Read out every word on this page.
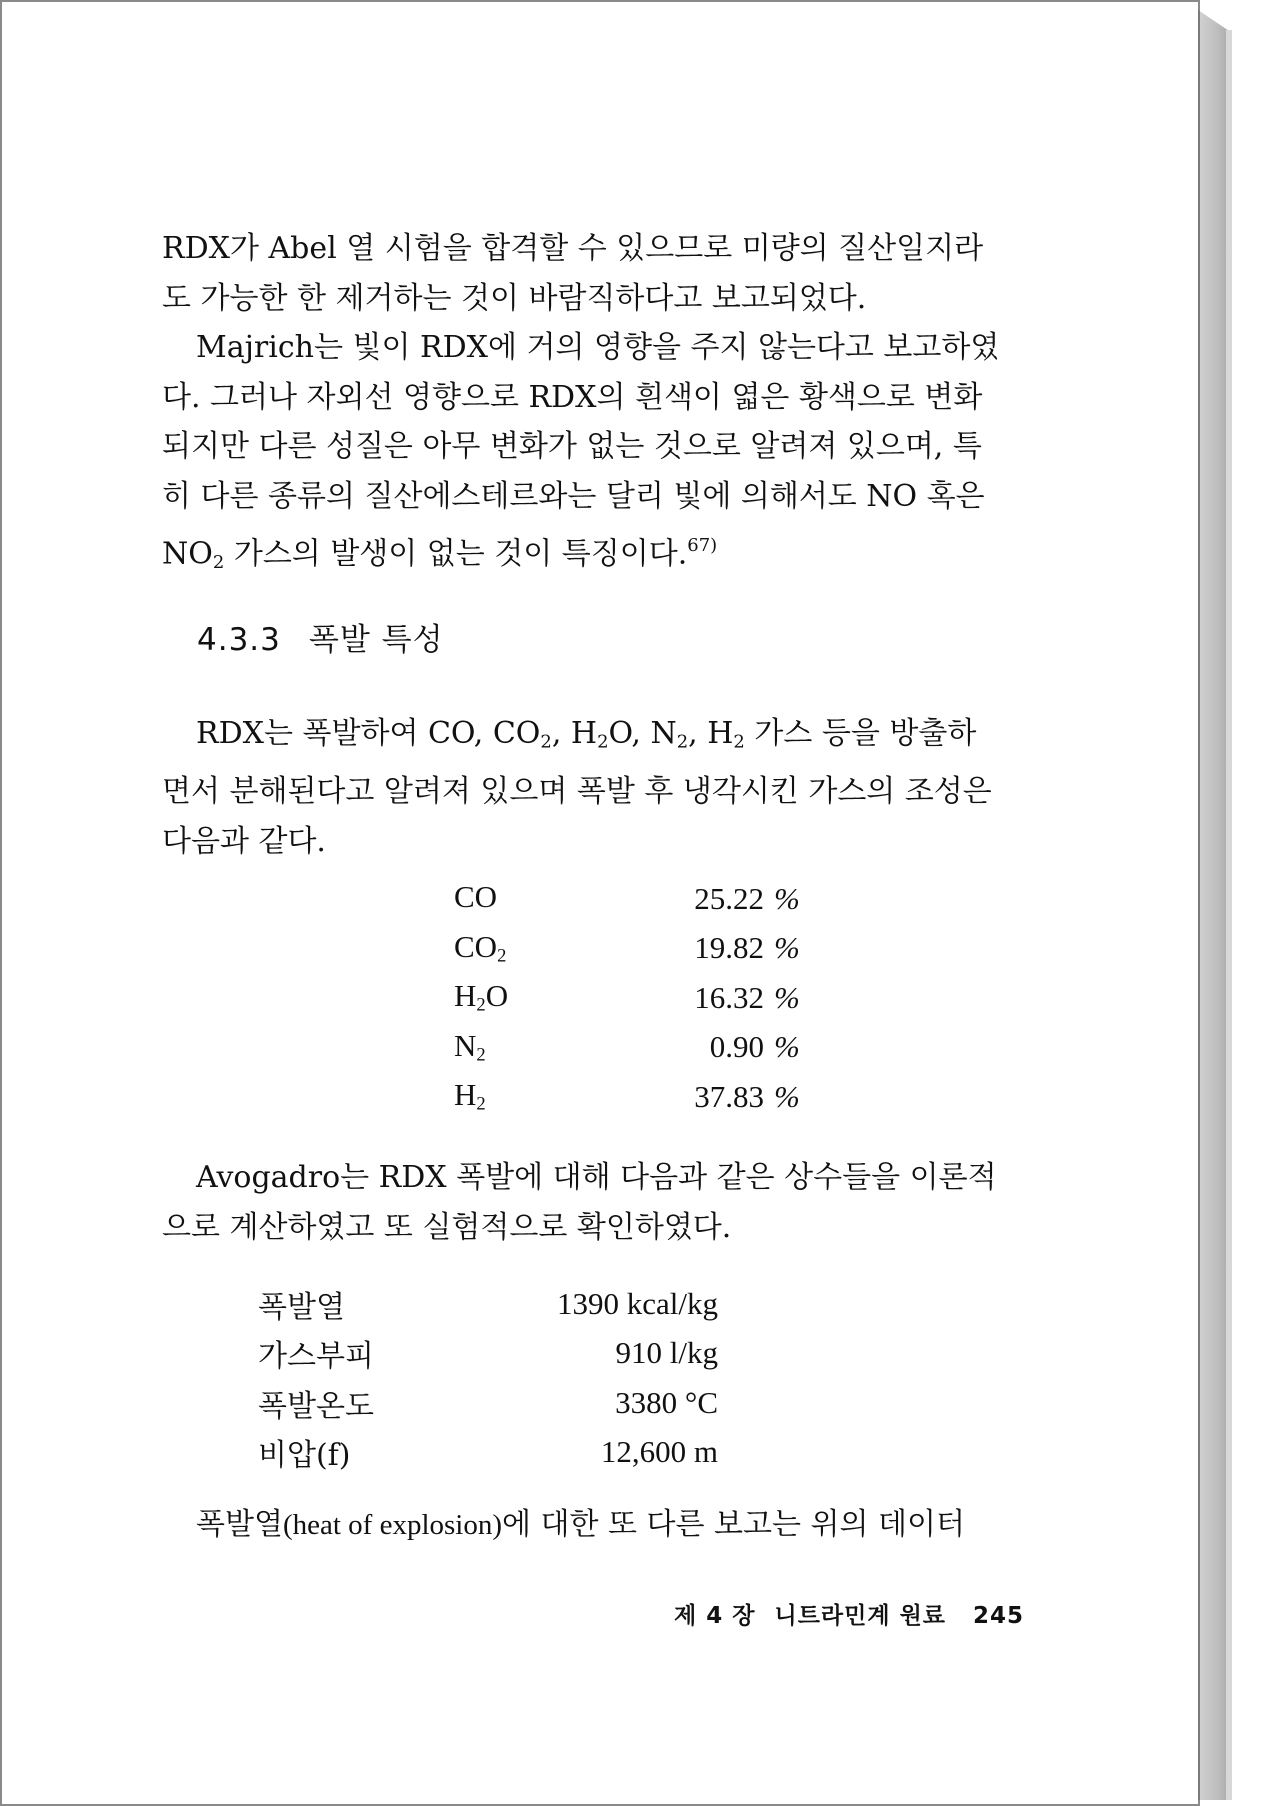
RDX가 Abel 열 시험을 합격할 수 있으므로 미량의 질산일지라
도 가능한 한 제거하는 것이 바람직하다고 보고되었다.

Majrich는 빛이 RDX에 거의 영향을 주지 않는다고 보고하였
다. 그러나 자외선 영향으로 RDX의 흰색이 엷은 황색으로 변화
되지만 다른 성질은 아무 변화가 없는 것으로 알려져 있으며, 특
히 다른 종류의 질산에스테르와는 달리 빛에 의해서도 NO 혹은
$NO_2$ 가스의 발생이 없는 것이 특징이다.$^{67)}$

4.3.3 폭발 특성

RDX는 폭발하여 CO, $CO_2$, $H_2O$, $N_2$, $H_2$ 가스 등을 방출하
면서 분해된다고 알려져 있으며 폭발 후 냉각시킨 가스의 조성은
다음과 같다.

CO	25.22	%
$CO_2$	19.82	%
$H_2O$	16.32	%
$N_2$	0.90	%
$H_2$	37.83	%

Avogadro는 RDX 폭발에 대해 다음과 같은 상수들을 이론적
으로 계산하였고 또 실험적으로 확인하였다.

폭발열	1390 kcal/kg
가스부피	910 l/kg
폭발온도	3380 °C
비압(f)	12,600 m

폭발열(heat of explosion)에 대한 또 다른 보고는 위의 데이터

제 4 장 니트라민계 원료 245
